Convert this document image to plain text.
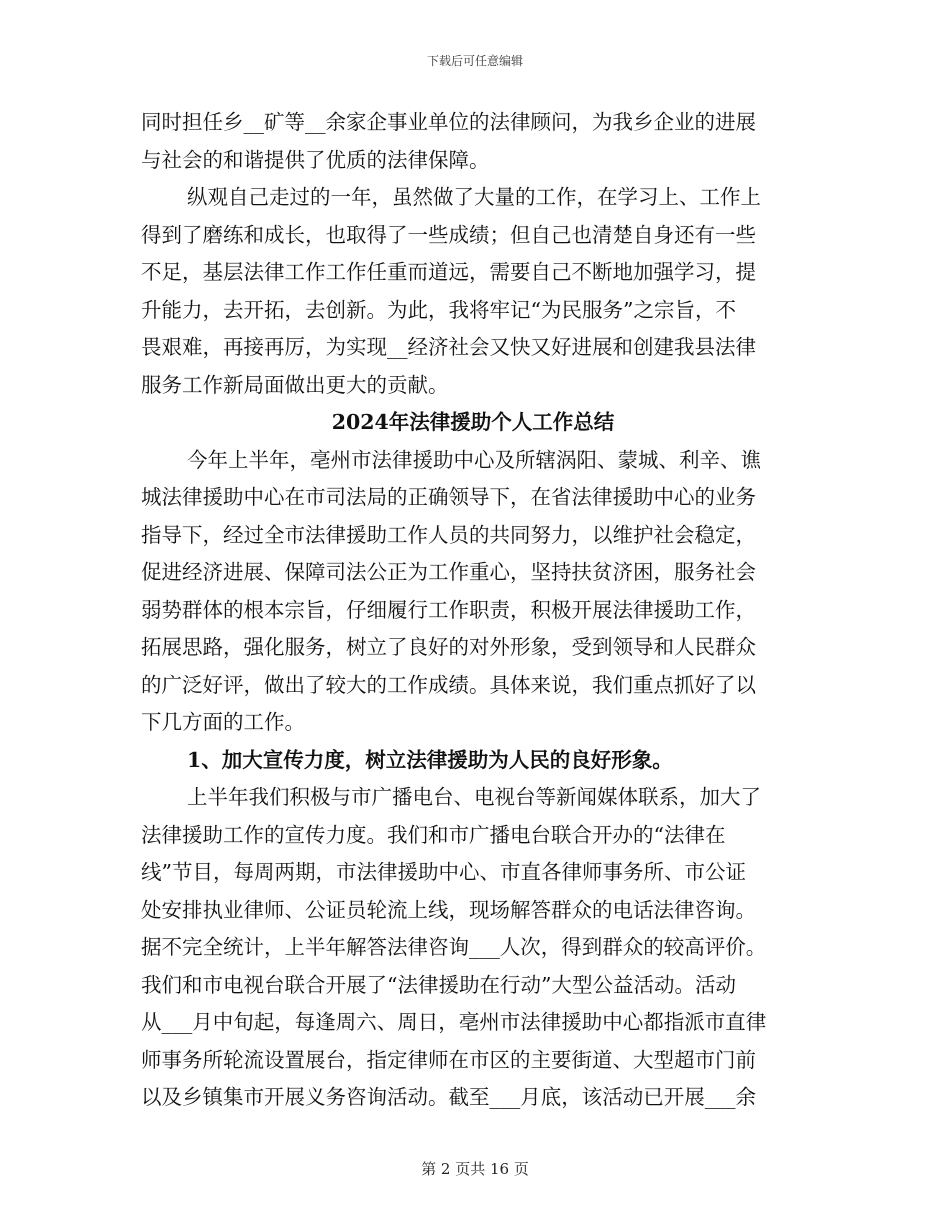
下载后可任意编辑
同时担任乡__矿等__余家企事业单位的法律顾问，为我乡企业的进展
与社会的和谐提供了优质的法律保障。
纵观自己走过的一年，虽然做了大量的工作，在学习上、工作上
得到了磨练和成长，也取得了一些成绩；但自己也清楚自身还有一些
不足，基层法律工作工作任重而道远，需要自己不断地加强学习，提
升能力，去开拓，去创新。为此，我将牢记“为民服务”之宗旨，不
畏艰难，再接再厉，为实现__经济社会又快又好进展和创建我县法律
服务工作新局面做出更大的贡献。
2024年法律援助个人工作总结
今年上半年，亳州市法律援助中心及所辖涡阳、蒙城、利辛、谯
城法律援助中心在市司法局的正确领导下，在省法律援助中心的业务
指导下，经过全市法律援助工作人员的共同努力，以维护社会稳定，
促进经济进展、保障司法公正为工作重心，坚持扶贫济困，服务社会
弱势群体的根本宗旨，仔细履行工作职责，积极开展法律援助工作，
拓展思路，强化服务，树立了良好的对外形象，受到领导和人民群众
的广泛好评，做出了较大的工作成绩。具体来说，我们重点抓好了以
下几方面的工作。
1、加大宣传力度，树立法律援助为人民的良好形象。
上半年我们积极与市广播电台、电视台等新闻媒体联系，加大了
法律援助工作的宣传力度。我们和市广播电台联合开办的“法律在
线”节目，每周两期，市法律援助中心、市直各律师事务所、市公证
处安排执业律师、公证员轮流上线，现场解答群众的电话法律咨询。
据不完全统计，上半年解答法律咨询___人次，得到群众的较高评价。
我们和市电视台联合开展了“法律援助在行动”大型公益活动。活动
从___月中旬起，每逢周六、周日，亳州市法律援助中心都指派市直律
师事务所轮流设置展台，指定律师在市区的主要街道、大型超市门前
以及乡镇集市开展义务咨询活动。截至___月底，该活动已开展___余
第 2 页共 16 页
